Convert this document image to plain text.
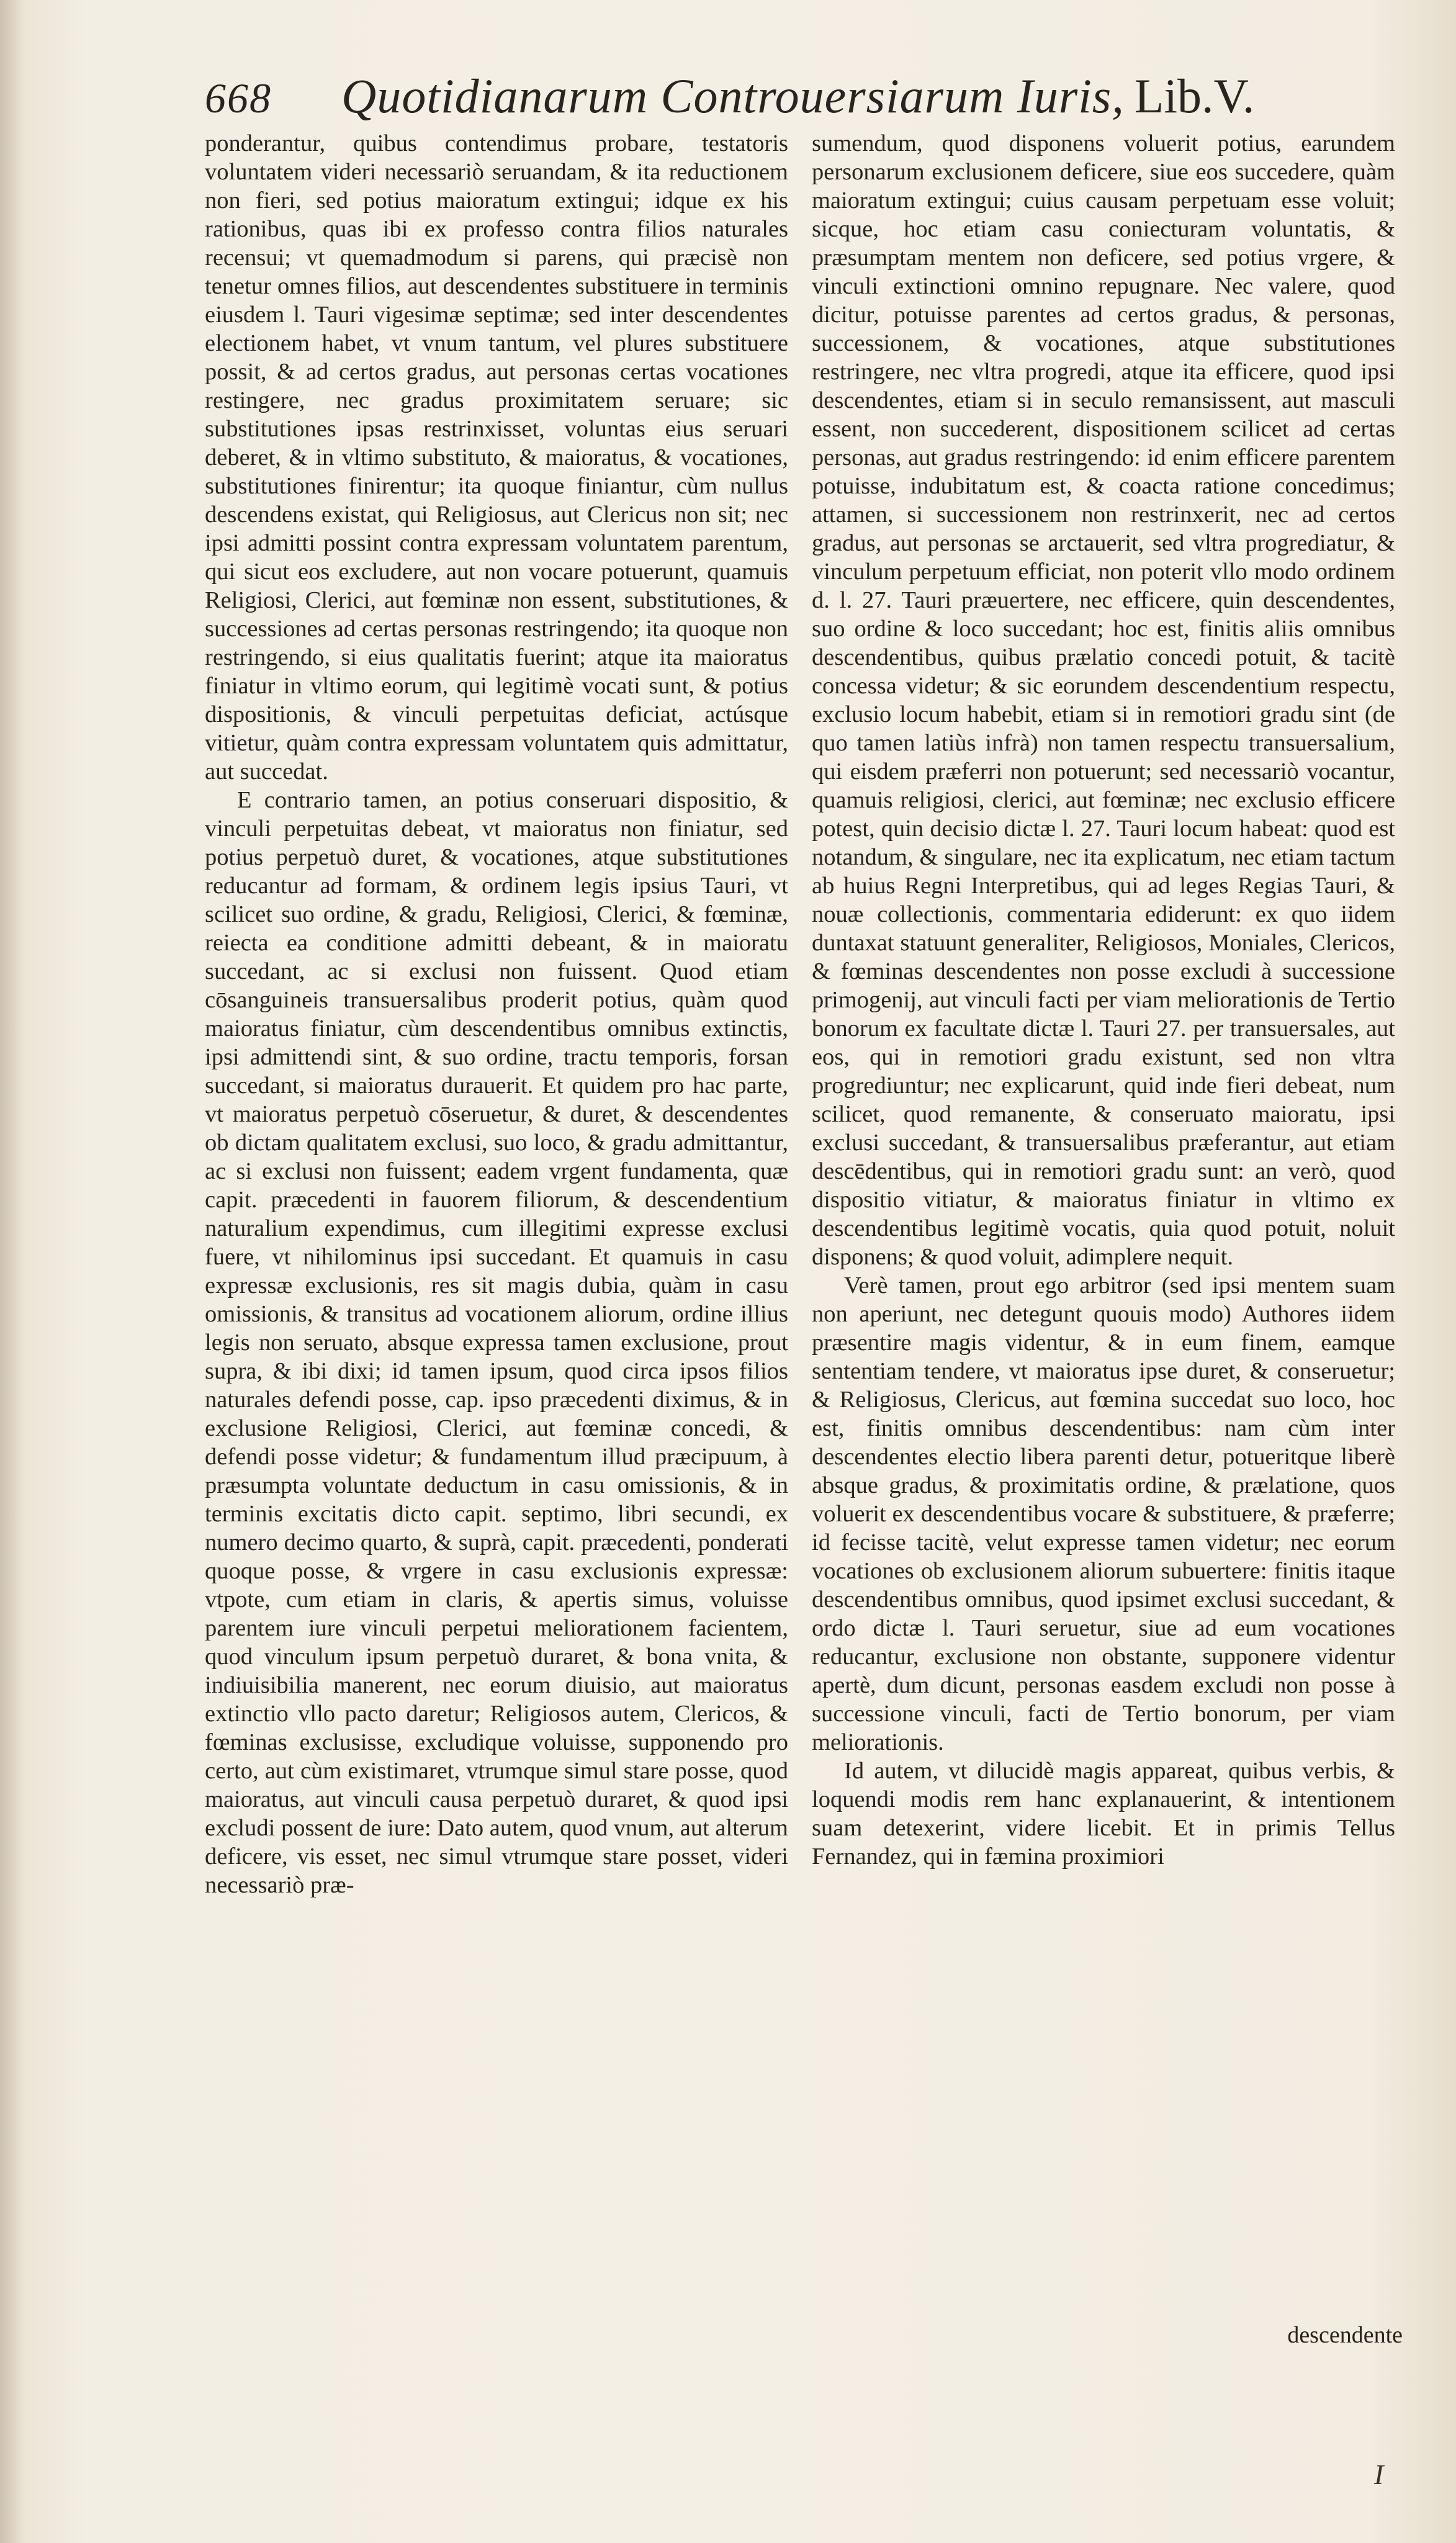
668	Quotidianarum Controuersiarum Iuris, Lib.V.

ponderantur, quibus contendimus probare, testatoris voluntatem videri necessariò seruandam, & ita reductionem non fieri, sed potius maioratum extingui; idque ex his rationibus, quas ibi ex professo contra filios naturales recensui; vt quemadmodum si parens, qui præcisè non tenetur omnes filios, aut descendentes substituere in terminis eiusdem l. Tauri vigesimæ septimæ; sed inter descendentes electionem habet, vt vnum tantum, vel plures substituere possit, & ad certos gradus, aut personas certas vocationes restingere, nec gradus proximitatem seruare; sic substitutiones ipsas restrinxisset, voluntas eius seruari deberet, & in vltimo substituto, & maioratus, & vocationes, substitutiones finirentur; ita quoque finiantur, cùm nullus descendens existat, qui Religiosus, aut Clericus non sit; nec ipsi admitti possint contra expressam voluntatem parentum, qui sicut eos excludere, aut non vocare potuerunt, quamuis Religiosi, Clerici, aut fœminæ non essent, substitutiones, & successiones ad certas personas restringendo; ita quoque non restringendo, si eius qualitatis fuerint; atque ita maioratus finiatur in vltimo eorum, qui legitimè vocati sunt, & potius dispositionis, & vinculi perpetuitas deficiat, actúsque vitietur, quàm contra expressam voluntatem quis admittatur, aut succedat.

E contrario tamen, an potius conseruari dispositio, & vinculi perpetuitas debeat, vt maioratus non finiatur, sed potius perpetuò duret, & vocationes, atque substitutiones reducantur ad formam, & ordinem legis ipsius Tauri, vt scilicet suo ordine, & gradu, Religiosi, Clerici, & fœminæ, reiecta ea conditione admitti debeant, & in maioratu succedant, ac si exclusi non fuissent. Quod etiam cōsanguineis transuersalibus proderit potius, quàm quod maioratus finiatur, cùm descendentibus omnibus extinctis, ipsi admittendi sint, & suo ordine, tractu temporis, forsan succedant, si maioratus durauerit. Et quidem pro hac parte, vt maioratus perpetuò cōseruetur, & duret, & descendentes ob dictam qualitatem exclusi, suo loco, & gradu admittantur, ac si exclusi non fuissent; eadem vrgent fundamenta, quæ capit. præcedenti in fauorem filiorum, & descendentium naturalium expendimus, cum illegitimi expresse exclusi fuere, vt nihilominus ipsi succedant. Et quamuis in casu expressæ exclusionis, res sit magis dubia, quàm in casu omissionis, & transitus ad vocationem aliorum, ordine illius legis non seruato, absque expressa tamen exclusione, prout supra, & ibi dixi; id tamen ipsum, quod circa ipsos filios naturales defendi posse, cap. ipso præcedenti diximus, & in exclusione Religiosi, Clerici, aut fœminæ concedi, & defendi posse videtur; & fundamentum illud præcipuum, à præsumpta voluntate deductum in casu omissionis, & in terminis excitatis dicto capit. septimo, libri secundi, ex numero decimo quarto, & suprà, capit. præcedenti, ponderati quoque posse, & vrgere in casu exclusionis expressæ: vtpote, cum etiam in claris, & apertis simus, voluisse parentem iure vinculi perpetui meliorationem facientem, quod vinculum ipsum perpetuò duraret, & bona vnita, & indiuisibilia manerent, nec eorum diuisio, aut maioratus extinctio vllo pacto daretur; Religiosos autem, Clericos, & fœminas exclusisse, excludique voluisse, supponendo pro certo, aut cùm existimaret, vtrumque simul stare posse, quod maioratus, aut vinculi causa perpetuò duraret, & quod ipsi excludi possent de iure: Dato autem, quod vnum, aut alterum deficere, vis esset, nec simul vtrumque stare posset, videri necessariò præ-

sumendum, quod disponens voluerit potius, earundem personarum exclusionem deficere, siue eos succedere, quàm maioratum extingui; cuius causam perpetuam esse voluit; sicque, hoc etiam casu coniecturam voluntatis, & præsumptam mentem non deficere, sed potius vrgere, & vinculi extinctioni omnino repugnare. Nec valere, quod dicitur, potuisse parentes ad certos gradus, & personas, successionem, & vocationes, atque substitutiones restringere, nec vltra progredi, atque ita efficere, quod ipsi descendentes, etiam si in seculo remansissent, aut masculi essent, non succederent, dispositionem scilicet ad certas personas, aut gradus restringendo: id enim efficere parentem potuisse, indubitatum est, & coacta ratione concedimus; attamen, si successionem non restrinxerit, nec ad certos gradus, aut personas se arctauerit, sed vltra progrediatur, & vinculum perpetuum efficiat, non poterit vllo modo ordinem d. l. 27. Tauri præuertere, nec efficere, quin descendentes, suo ordine & loco succedant; hoc est, finitis aliis omnibus descendentibus, quibus prælatio concedi potuit, & tacitè concessa videtur; & sic eorundem descendentium respectu, exclusio locum habebit, etiam si in remotiori gradu sint (de quo tamen latiùs infrà) non tamen respectu transuersalium, qui eisdem præferri non potuerunt; sed necessariò vocantur, quamuis religiosi, clerici, aut fœminæ; nec exclusio efficere potest, quin decisio dictæ l. 27. Tauri locum habeat: quod est notandum, & singulare, nec ita explicatum, nec etiam tactum ab huius Regni Interpretibus, qui ad leges Regias Tauri, & nouæ collectionis, commentaria ediderunt: ex quo iidem duntaxat statuunt generaliter, Religiosos, Moniales, Clericos, & fœminas descendentes non posse excludi à successione primogenij, aut vinculi facti per viam meliorationis de Tertio bonorum ex facultate dictæ l. Tauri 27. per transuersales, aut eos, qui in remotiori gradu existunt, sed non vltra progrediuntur; nec explicarunt, quid inde fieri debeat, num scilicet, quod remanente, & conseruato maioratu, ipsi exclusi succedant, & transuersalibus præferantur, aut etiam descēdentibus, qui in remotiori gradu sunt: an verò, quod dispositio vitiatur, & maioratus finiatur in vltimo ex descendentibus legitimè vocatis, quia quod potuit, noluit disponens; & quod voluit, adimplere nequit.

Verè tamen, prout ego arbitror (sed ipsi mentem suam non aperiunt, nec detegunt quouis modo) Authores iidem præsentire magis videntur, & in eum finem, eamque sententiam tendere, vt maioratus ipse duret, & conseruetur; & Religiosus, Clericus, aut fœmina succedat suo loco, hoc est, finitis omnibus descendentibus: nam cùm inter descendentes electio libera parenti detur, potueritque liberè absque gradus, & proximitatis ordine, & prælatione, quos voluerit ex descendentibus vocare & substituere, & præferre; id fecisse tacitè, velut expresse tamen videtur; nec eorum vocationes ob exclusionem aliorum subuertere: finitis itaque descendentibus omnibus, quod ipsimet exclusi succedant, & ordo dictæ l. Tauri seruetur, siue ad eum vocationes reducantur, exclusione non obstante, supponere videntur apertè, dum dicunt, personas easdem excludi non posse à successione vinculi, facti de Tertio bonorum, per viam meliorationis.

Id autem, vt dilucidè magis appareat, quibus verbis, & loquendi modis rem hanc explanauerint, & intentionem suam detexerint, videre licebit. Et in primis Tellus Fernandez, qui in fæmina proximiori

descendente
I
